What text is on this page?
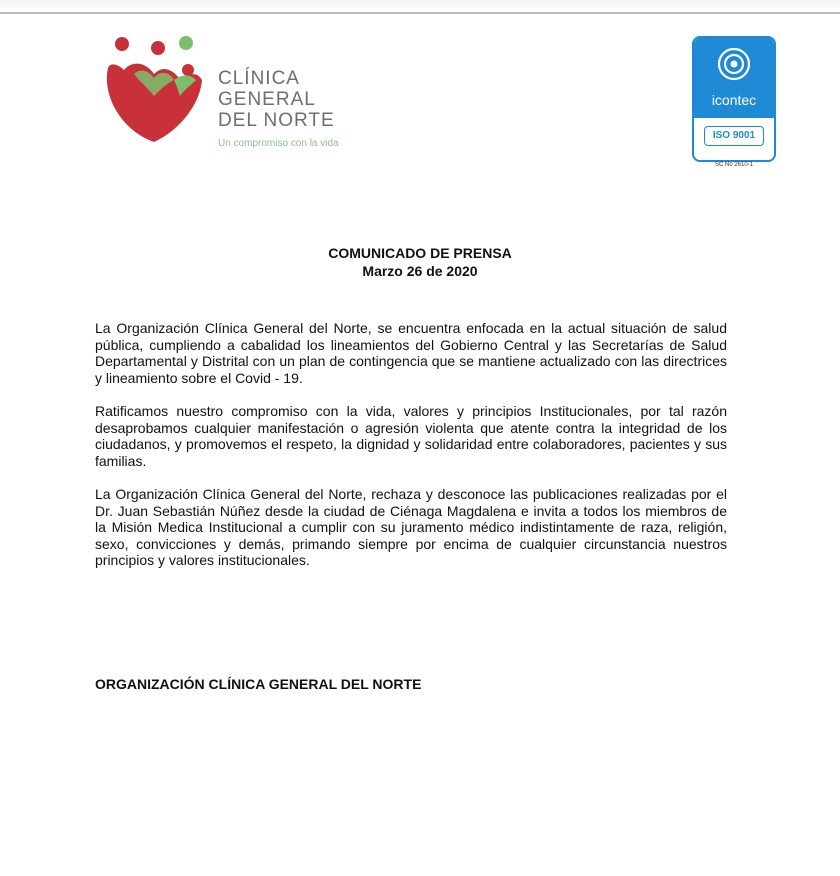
CLÍNICA
GENERAL
DEL NORTE
Un compromiso con la vida
icontec
ISO 9001
SC No 2610-1
COMUNICADO DE PRENSA
Marzo 26 de 2020

La Organización Clínica General del Norte, se encuentra enfocada en la actual situación de salud pública, cumpliendo a cabalidad los lineamientos del Gobierno Central y las Secretarías de Salud Departamental y Distrital con un plan de contingencia que se mantiene actualizado con las directrices y lineamiento sobre el Covid - 19.

Ratificamos nuestro compromiso con la vida, valores y principios Institucionales, por tal razón desaprobamos cualquier manifestación o agresión violenta que atente contra la integridad de los ciudadanos, y promovemos el respeto, la dignidad y solidaridad entre colaboradores, pacientes y sus familias.

La Organización Clínica General del Norte, rechaza y desconoce las publicaciones realizadas por el Dr. Juan Sebastián Núñez desde la ciudad de Ciénaga Magdalena e invita a todos los miembros de la Misión Medica Institucional a cumplir con su juramento médico indistintamente de raza, religión, sexo, convicciones y demás, primando siempre por encima de cualquier circunstancia nuestros principios y valores institucionales.

ORGANIZACIÓN CLÍNICA GENERAL DEL NORTE
